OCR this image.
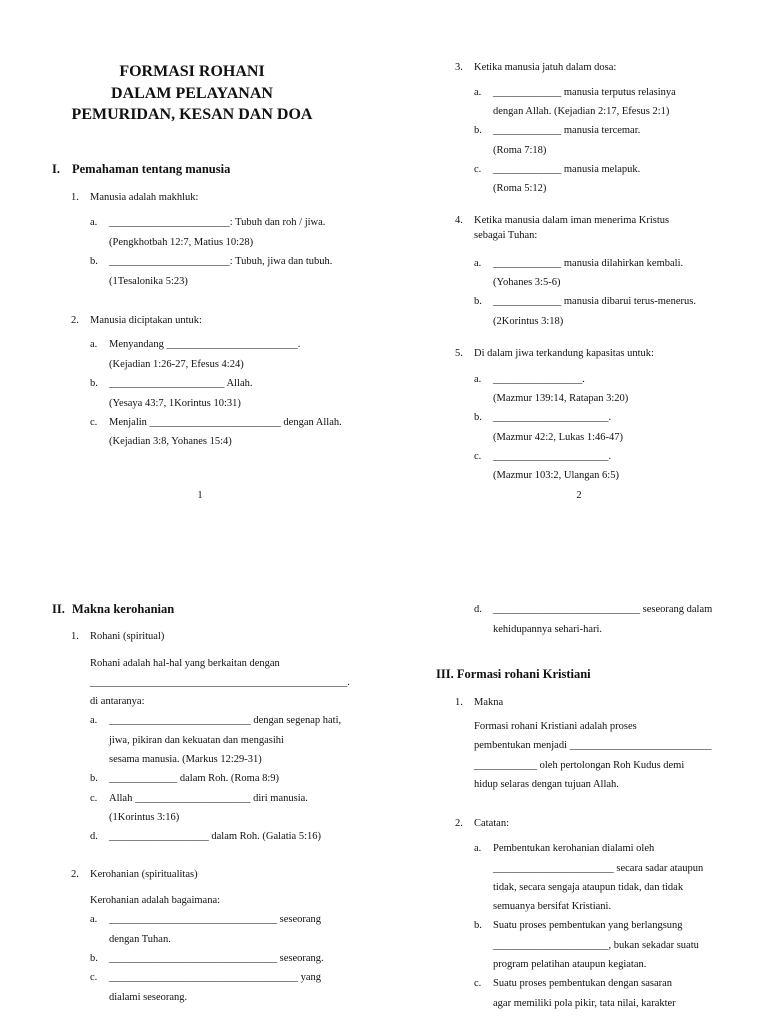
FORMASI ROHANI
DALAM PELAYANAN
PEMURIDAN, KESAN DAN DOA
I. Pemahaman tentang manusia
1. Manusia adalah makhluk:
a. _______________________: Tubuh dan roh / jiwa.
(Pengkhotbah 12:7, Matius 10:28)
b. _______________________: Tubuh, jiwa dan tubuh.
(1Tesalonika 5:23)
2. Manusia diciptakan untuk:
a. Menyandang _________________________.
(Kejadian 1:26-27, Efesus 4:24)
b. ______________________ Allah.
(Yesaya 43:7, 1Korintus 10:31)
c. Menjalin _________________________ dengan Allah.
(Kejadian 3:8, Yohanes 15:4)
1
3. Ketika manusia jatuh dalam dosa:
a. _____________ manusia terputus relasinya
dengan Allah. (Kejadian 2:17, Efesus 2:1)
b. _____________ manusia tercemar.
(Roma 7:18)
c. _____________ manusia melapuk.
(Roma 5:12)
4. Ketika manusia dalam iman menerima Kristus
sebagai Tuhan:
a. _____________ manusia dilahirkan kembali.
(Yohanes 3:5-6)
b. _____________ manusia dibarui terus-menerus.
(2Korintus 3:18)
5. Di dalam jiwa terkandung kapasitas untuk:
a. _________________.
(Mazmur 139:14, Ratapan 3:20)
b. ______________________.
(Mazmur 42:2, Lukas 1:46-47)
c. ______________________.
(Mazmur 103:2, Ulangan 6:5)
2
II. Makna kerohanian
1. Rohani (spiritual)
Rohani adalah hal-hal yang berkaitan dengan
_________________________________________________.
di antaranya:
a. ___________________________ dengan segenap hati,
jiwa, pikiran dan kekuatan dan mengasihi
sesama manusia. (Markus 12:29-31)
b. _____________ dalam Roh. (Roma 8:9)
c. Allah ______________________ diri manusia.
(1Korintus 3:16)
d. ___________________ dalam Roh. (Galatia 5:16)
2. Kerohanian (spiritualitas)
Kerohanian adalah bagaimana:
a. ________________________________ seseorang
dengan Tuhan.
b. ________________________________ seseorang.
c. ____________________________________ yang
dialami seseorang.
d. ____________________________ seseorang dalam
kehidupannya sehari-hari.
III. Formasi rohani Kristiani
1. Makna
Formasi rohani Kristiani adalah proses
pembentukan menjadi ___________________________
____________ oleh pertolongan Roh Kudus demi
hidup selaras dengan tujuan Allah.
2. Catatan:
a. Pembentukan kerohanian dialami oleh
_______________________ secara sadar ataupun
tidak, secara sengaja ataupun tidak, dan tidak
semuanya bersifat Kristiani.
b. Suatu proses pembentukan yang berlangsung
______________________, bukan sekadar suatu
program pelatihan ataupun kegiatan.
c. Suatu proses pembentukan dengan sasaran
agar memiliki pola pikir, tata nilai, karakter
